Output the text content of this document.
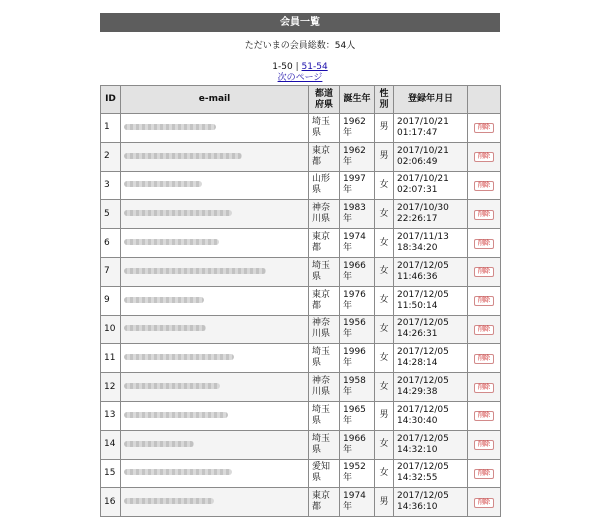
会員一覧
ただいまの会員総数：54人
1-50 | 51-54
次のページ
ID	e-mail	都道府県	誕生年	性別	登録年月日	
1		埼玉県	1962年	男	2017/10/21 01:17:47	削除
2		東京都	1962年	男	2017/10/21 02:06:49	削除
3		山形県	1997年	女	2017/10/21 02:07:31	削除
5		神奈川県	1983年	女	2017/10/30 22:26:17	削除
6		東京都	1974年	女	2017/11/13 18:34:20	削除
7		埼玉県	1966年	女	2017/12/05 11:46:36	削除
9		東京都	1976年	女	2017/12/05 11:50:14	削除
10		神奈川県	1956年	女	2017/12/05 14:26:31	削除
11		埼玉県	1996年	女	2017/12/05 14:28:14	削除
12		神奈川県	1958年	女	2017/12/05 14:29:38	削除
13		埼玉県	1965年	男	2017/12/05 14:30:40	削除
14		埼玉県	1966年	女	2017/12/05 14:32:10	削除
15		愛知県	1952年	女	2017/12/05 14:32:55	削除
16		東京都	1974年	男	2017/12/05 14:36:10	削除
